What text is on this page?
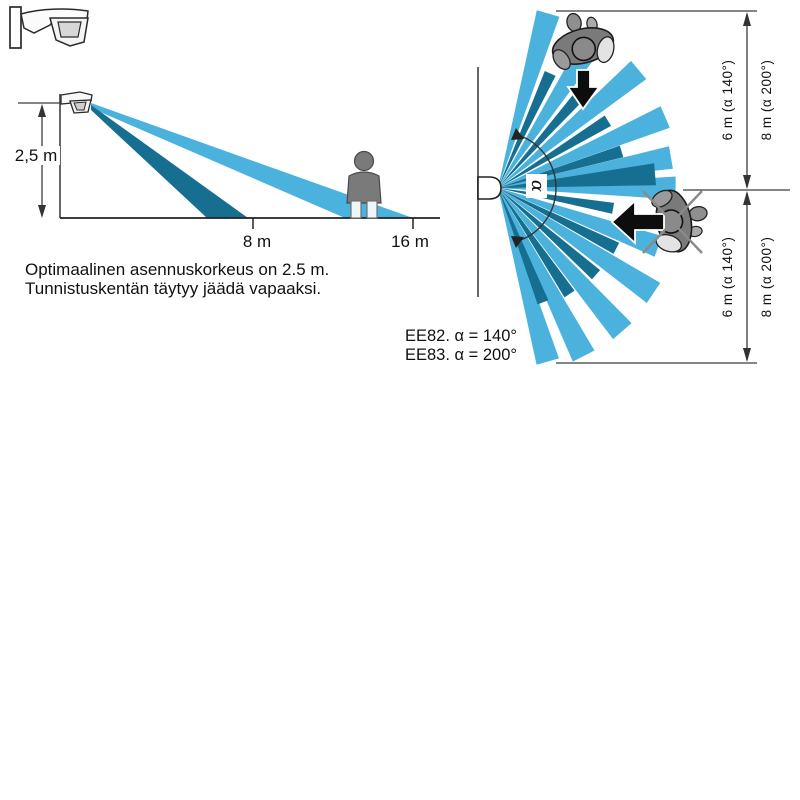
2,5 m
8 m	16 m
Optimaalinen asennuskorkeus on 2.5 m.
Tunnistuskentän täytyy jäädä vapaaksi.
α
6 m (α 140°) 8 m (α 200°)
6 m (α 140°) 8 m (α 200°)
EE82. α = 140°
EE83. α = 200°
